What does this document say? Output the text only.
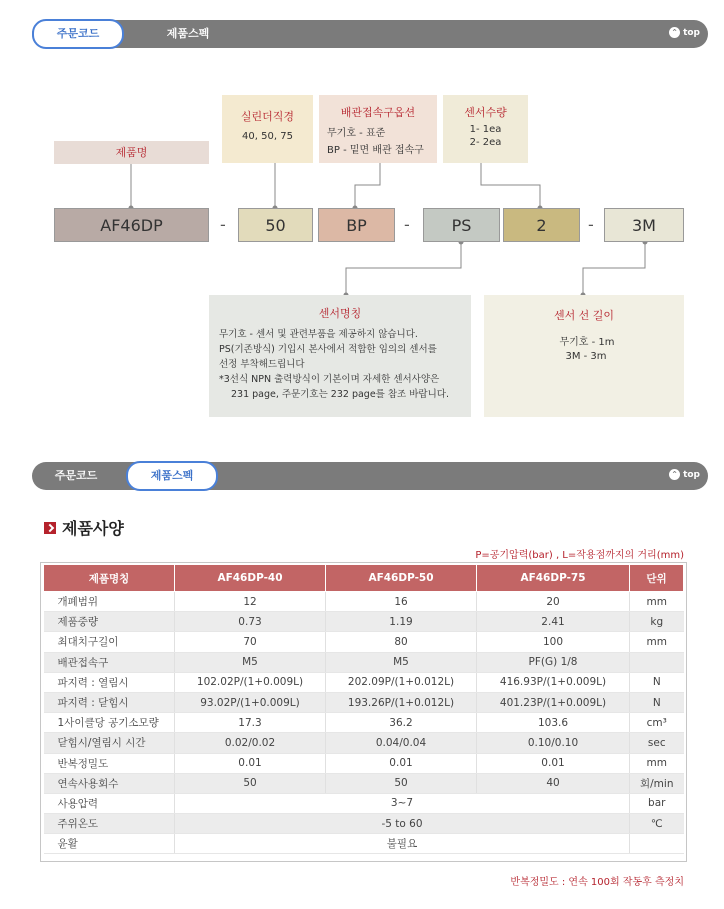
주문코드	제품스펙	⌃ top
제품명
실린더직경
40, 50, 75
배관접속구옵션
무기호 - 표준
BP - 밑면 배관 접속구
센서수량
1- 1ea
2- 2ea
AF46DP	-	50	BP	-	PS	2	-	3M
센서명칭
무기호 - 센서 및 관련부품을 제공하지 않습니다.
PS(기존방식) 기입시 본사에서 적합한 임의의 센서를
선정 부착해드립니다
*3선식 NPN 출력방식이 기본이며 자세한 센서사양은
231 page, 주문기호는 232 page를 참조 바랍니다.
센서 선 길이
무기호 - 1m
3M - 3m
주문코드	제품스펙	⌃ top
제품사양
P=공기압력(bar) , L=작용점까지의 거리(mm)
제품명칭	AF46DP-40	AF46DP-50	AF46DP-75	단위
개폐범위	12	16	20	mm
제품중량	0.73	1.19	2.41	kg
최대치구길이	70	80	100	mm
배관접속구	M5	M5	PF(G) 1/8	
파지력 : 열림시	102.02P/(1+0.009L)	202.09P/(1+0.012L)	416.93P/(1+0.009L)	N
파지력 : 닫힘시	93.02P/(1+0.009L)	193.26P/(1+0.012L)	401.23P/(1+0.009L)	N
1사이클당 공기소모량	17.3	36.2	103.6	cm³
닫힘시/열림시 시간	0.02/0.02	0.04/0.04	0.10/0.10	sec
반복정밀도	0.01	0.01	0.01	mm
연속사용회수	50	50	40	회/min
사용압력	3~7			bar
주위온도	-5 to 60			℃
윤활	불필요			
반복정밀도 : 연속 100회 작동후 측정치
